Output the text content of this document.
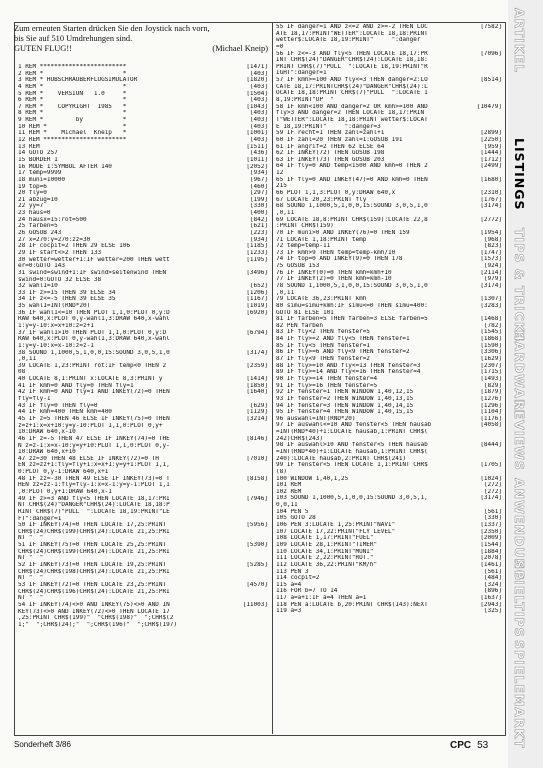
Zum erneuten Starten drücken Sie den Joystick nach vorn,
bis Sie auf 510 Umdrehungen sind.
GUTEN FLUG!!	(Michael Kneip)
1 REM ************************	[1471]
2 REM *                      *	[403]
3 REM * HUBSCHRAUBERFLUGSIMULATOR	[1820]
4 REM *                      *	[403]
5 REM *    VERSION   1.0     *	[1504]
6 REM *                      *	[403]
7 REM *    COPYRIGHT  1985   *	[1043]
8 REM *                      *	[403]
9 REM *         by           *	[403]
10 REM *                     *	[403]
11 REM *    Michael  Kneip   *	[1001]
12 REM ***********************	[403]
13 REM	[1511]
14 GOTO 257	[436]
15 BORDER 1	[1011]
16 MODE 1:SYMBOL AFTER 140	[2052]
17 temp=9999	[934]
18 muni=10000	[967]
19 top=6	[460]
20 fly=0	[297]
21 abzug=10	[199]
22 yy=7	[330]
23 haus=0	[400]
24 hausx=15:rot=500	[842]
25 farben=5	[621]
26 GOSUB 243	[223]
27 x=270:y=270:zz=30	[934]
28 IF cocpit=2 THEN 29 ELSE 106	[1185]
29 IF start<>2 THEN 133	[1233]
30 wetter=wetter+1:IF wetter=200 THEN wett	[1195]
er=0:GOTO 143
31 swind=swind+1:IF swind>seitenwind THEN	[3496]
swind=0:GOTO 32 ELSE 38
32 wahl1=10	[652]
33 IF z>=15 THEN 39 ELSE 34	[1206]
34 IF z<=-5 THEN 39 ELSE 35	[1167]
35 wahl1=INT(RND*20)	[1019]
36 IF wahl1<=10 THEN PLOT 1,1,0:PLOT 0,y:D	[6920]
RAW 640,x:PLOT 0,y-wahl1,3:DRAW 640,x-wahl
1:y=y-10:x=x+10:z=z+1
37 IF wahl1>10 THEN PLOT 1,1,0:PLOT 0,y:D	[6794]
RAW 640,x:PLOT 0,y-wahl1,3:DRAW 640,x-wahl
1:y=y-10:x=x-10:z=z-1
38 SOUND 1,1000,5,1,0,0,15:SOUND 3,0,5,1,0	[3174]
,0,11
39 LOCATE 1,23:PRINT rot:IF temp<0 THEN 2	[2359]
08
40 LOCATE 8,1:PRINT x:LOCATE 8,3:PRINT y	[1414]
41 IF kmh=0 AND fly=0 THEN fly=1	[1850]
42 IF kmh=0 AND fly=1 AND INKEY(72)=0 THEN	[1640]
fly=fly-1
43 IF fly=0 THEN fly=0	[629]
44 IF kmh=400 THEN kmh=400	[1129]
45 IF z=5 THEN 46 ELSE IF INKEY(75)=0 THEN	[3214]
z=z+1:x=x+10:y=y-10:PLOT 1,1,0:PLOT 0,y+
10:DRAW 640,x-10
46 IF z=-5 THEN 47 ELSE IF INKEY(74)=0 THE	[8146]
N z=z-1:x=x-10:y=y+10:PLOT 1,1,0:PLOT 0,y-
10:DRAW 640,x+10
47 zz=30 THEN 48 ELSE IF INKEY(72)=0 TH	[7010]
EN zz=zz+1:fly=fly+1:x=x+1:y=y+1:PLOT 1,1,
0:PLOT 0,y-1:DRAW 640,x+1
48 IF zz=-30 THEN 49 ELSE IF INKEY(73)=0 T	[8158]
HEN zz=zz-1:fly=fly-1:x=x-1:y=y-1:PLOT 1,1
,0:PLOT 0,y+1:DRAW 640,x-1
49 IF z>=3 AND fly<5 THEN LOCATE 18,17:PRI	[7946]
NT CHR$(24)"DANGER"CHR$(24):LOCATE 18,18:P
RINT CHR$(7)"PULL  ":LOCATE 18,19:PRINT"LE
FT":danger=1
50 IF INKEY(74)=0 THEN LOCATE 17,25:PRINT	[5956]
CHR$(24)CHR$(199)CHR$(24):LOCATE 21,25:PRI
NT "  "
51 IF INKEY(75)=0 THEN LOCATE 25,25:PRINT	[5390]
CHR$(24)CHR$(199)CHR$(24):LOCATE 21,25:PRI
NT "  "
52 IF INKEY(73)=0 THEN LOCATE 19,25:PRINT	[5285]
CHR$(24)CHR$(198)CHR$(24):LOCATE 21,25:PRI
NT "  "
53 IF INKEY(72)=0 THEN LOCATE 23,25:PRINT	[4570]
CHR$(24)CHR$(196)CHR$(24):LOCATE 21,25:PRI
NT "  "
54 IF INKEY(74)<>0 AND INKEY(75)<>0 AND IN	[11003]
KEY(73)<>0 AND INKEY(72)<>0 THEN LOCATE 17
,25:PRINT CHR$(199)"  "CHR$(198)"  ";CHR$(2
1;"  ";CHR$(24);"  ";CHR$(196)"  ";CHR$(197)
55 IF danger=1 AND z<=2 AND z>=-2 THEN LOC	[7582]
ATE 18,17:PRINT"WETTER":LOCATE 18,18:PRINT
wetter$:LOCATE 18,19:PRINT"     ":danger
=0
56 IF z<=-3 AND fly<5 THEN LOCATE 18,17:PR	[7096]
INT CHR$(24)"DANGER"CHR$(24):LOCATE 18,18:
PRINT CHR$(7)"PULL  ":LOCATE 18,19:PRINT"R
IGHT":danger=1
57 IF kmh>=100 AND fly<=3 THEN danger=2:LO	[8514]
CATE 18,17:PRINTCHR$(24)"DANGER"CHR$(24):L
OCATE 18,18:PRINT CHR$(7)"PULL  ":LOCATE 1
8,19:PRINT"UP  "
58 IF kmh<100 AND danger=2 OR kmh>=100 AND	[10479]
fly>3 AND danger=2 THEN LOCATE 18,17:PRIN
T"WETTER":LOCATE 18,18:PRINT wetter$:LOCAT
E 18,19:PRINT"     ":danger=3
59 IF recht=1 THEN zahl=zahl+1	[2899]
60 IF zahl=20 THEN zahl=1:GOSUB 191	[2250]
61 IF angrif=2 THEN 62 ELSE 64	[959]
62 IF INKEY(72) THEN GOSUB 198	[1444]
63 IF INKEY(73) THEN GOSUB 203	[1712]
64 IF fly=0 AND temp<1500 AND kmh=0 THEN 2	[2499]
12
65 IF fly=0 AND INKEY(47)=0 AND kmh=0 THEN	[1680]
215
66 PLOT 1,1,3:PLOT 0,y:DRAW 640,x	[2310]
67 LOCATE 20,23:PRINT fly	[1767]
68 SOUND 1,1000,5,1,0,0,15:SOUND 3,0,5,1,0	[3174]
,0,11
69 LOCATE 18,8:PRINT CHR$(159):LOCATE 22,8	[2772]
:PRINT CHR$(159)
70 IF muni>0 AND INKEY(76)=0 THEN 159	[1954]
71 LOCATE 1,18:PRINT temp	[968]
72 temp=temp-11	[823]
73 IF kmh>9 THEN temp=temp-kmh/10	[1747]
74 IF top=0 AND INKEY(9)=0 THEN 178	[1573]
75 GOSUB 153	[924]
76 IF INKEY(0)=0 THEN kmh=kmh+10	[2114]
77 IF INKEY(2)=0 THEN kmh=kmh-10	[979]
78 SOUND 1,1000,5,1,0,0,15:SOUND 3,0,5,1,0	[3174]
,0,11
79 LOCATE 36,23:PRINT kmh	[1307]
80 simu=simu+kmh:IF simu<=0 THEN simu=400:	[3283]
GOTO 81 ELSE 101
81 IF farben=5 THEN farben=3 ELSE farben=5	[1468]
82 PEN farben	[782]
83 IF fly<2 THEN fenster=5	[1545]
84 IF fly>=2 AND fly<5 THEN fenster=1	[1868]
85 IF fly<5 THEN fenster=1	[1590]
86 IF fly>=6 AND fly<9 THEN fenster=2	[3306]
87 IF fly<9 THEN fenster=2	[1629]
88 IF fly>=10 AND fly<=13 THEN fenster=3	[2307]
89 IF fly>=14 AND fly<=16 THEN fenster=4	[1715]
90 IF fly>=14 THEN fenster=4	[1493]
91 IF fly>=16 THEN fenster=5	[829]
92 IF fenster=1 THEN WINDOW 1,40,12,15	[1879]
93 IF fenster=2 THEN WINDOW 1,40,13,15	[1276]
94 IF fenster=3 THEN WINDOW 1,40,14,15	[1296]
95 IF fenster=4 THEN WINDOW 1,40,15,15	[1104]
96 auswahl=INT(RND*20)	[1176]
97 IF auswahl<=10 AND fenster<5 THEN hausab	[4058]
=INT(RND*40)+1:LOCATE hausab,1:PRINT CHR$(
242)CHR$(243)
98 IF auswahl>10 AND fenster<5 THEN hausab	[8444]
=INT(RND*40)+1:LOCATE hausab,1:PRINT CHR$(
240):LOCATE hausab,2:PRINT CHR$(241)
99 IF fenster<5 THEN LOCATE 1,1:PRINT CHR$	[1705]
(8)
100 WINDOW 1,40,1,25	[1024]
101 REM	[272]
102 REM	[272]
103 SOUND 1,1000,5,1,0,0,15:SOUND 3,0,5,1,	[3174]
0,0,11
104 PEN 5	[561]
105 GOTO 28	[330]
106 PEN 3:LOCATE 1,25:PRINT"NAVI"	[1337]
107 LOCATE 17,22:PRINT"FLY LEVEL"	[2350]
108 LOCATE 1,17:PRINT"FUEL"	[2009]
109 LOCATE 28,1:PRINT"TIMER"	[1544]
110 LOCATE 34,1:PRINT"MUNI"	[1884]
111 LOCATE 2,22:PRINT"ROT."	[2078]
112 LOCATE 36,22:PRINT"KM/h"	[1461]
113 PEN 3	[561]
114 cocpit=2	[484]
115 a=4	[324]
116 FOR b=7 TO 14	[896]
117 a=a+1:IF a=4 THEN a=1	[1637]
118 PEN a:LOCATE b,20:PRINT CHR$(143):NEXT	[2943]
119 a=3	[325]
ARTIKEL
LISTINGS
TIPS & TRICKS
HARDWARE
REVIEWS
ANWENDUNG
SPIELTIPS
SPIELEMARKT
Sonderheft 3/86	CPC 53
